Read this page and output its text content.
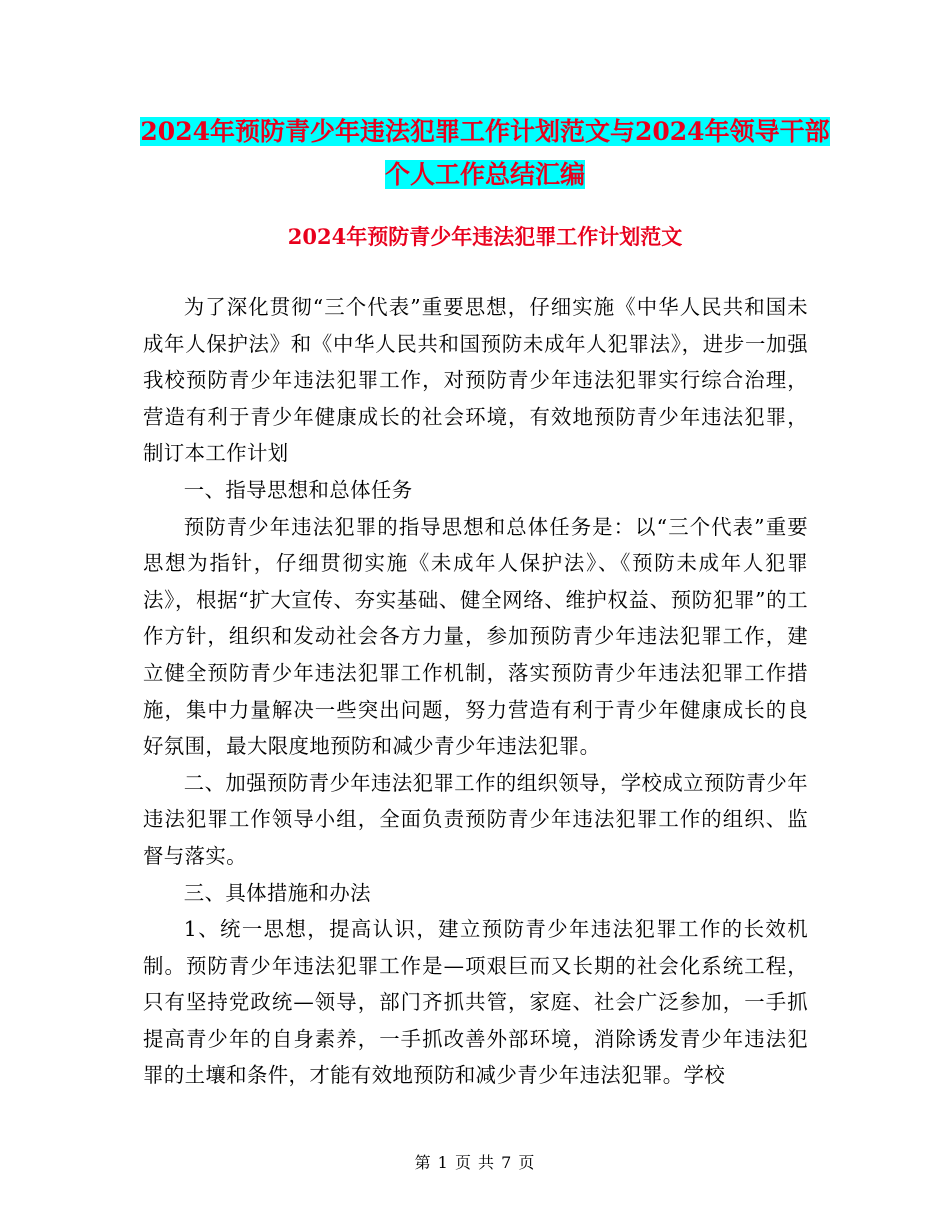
2024年预防青少年违法犯罪工作计划范文与2024年领导干部个人工作总结汇编
2024年预防青少年违法犯罪工作计划范文

为了深化贯彻“三个代表”重要思想，仔细实施《中华人民共和国未成年人保护法》和《中华人民共和国预防未成年人犯罪法》，进步一加强我校预防青少年违法犯罪工作，对预防青少年违法犯罪实行综合治理，营造有利于青少年健康成长的社会环境，有效地预防青少年违法犯罪，制订本工作计划

一、指导思想和总体任务

预防青少年违法犯罪的指导思想和总体任务是：以“三个代表”重要思想为指针，仔细贯彻实施《未成年人保护法》、《预防未成年人犯罪法》，根据“扩大宣传、夯实基础、健全网络、维护权益、预防犯罪”的工作方针，组织和发动社会各方力量，参加预防青少年违法犯罪工作，建立健全预防青少年违法犯罪工作机制，落实预防青少年违法犯罪工作措施，集中力量解决一些突出问题，努力营造有利于青少年健康成长的良好氛围，最大限度地预防和减少青少年违法犯罪。

二、加强预防青少年违法犯罪工作的组织领导，学校成立预防青少年违法犯罪工作领导小组，全面负责预防青少年违法犯罪工作的组织、监督与落实。

三、具体措施和办法

1、统一思想，提高认识，建立预防青少年违法犯罪工作的长效机制。预防青少年违法犯罪工作是—项艰巨而又长期的社会化系统工程，只有坚持党政统—领导，部门齐抓共管，家庭、社会广泛参加，一手抓提高青少年的自身素养，一手抓改善外部环境，消除诱发青少年违法犯罪的土壤和条件，才能有效地预防和减少青少年违法犯罪。学校

第 1 页 共 7 页
